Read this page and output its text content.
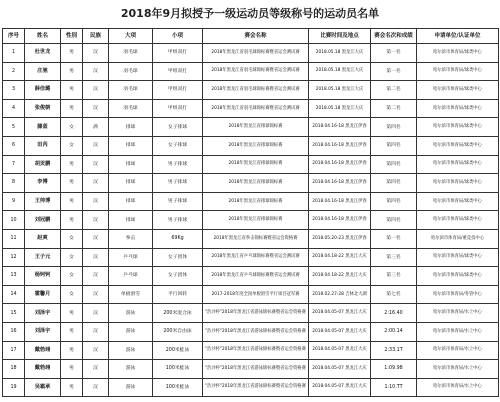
2018年9月拟授予一级运动员等级称号的运动员名单
序号	姓名	性别	民族	大项	小项	赛会名称	比赛时间及地点	赛会名次和成绩	申请单位/认证单位
1	杜世龙	男	汉	羽毛球	甲组双打	2018年黑龙江省羽毛球锦标赛暨省运会测试赛	2018.05.18 黑龙江大庆	第一名	哈尔滨市体育局/球类中心
2	庄驰	男	汉	羽毛球	甲组双打	2018年黑龙江省羽毛球锦标赛暨省运会测试赛	2018.05.18 黑龙江大庆	第一名	哈尔滨市体育局/球类中心
3	薛佳璐	男	汉	羽毛球	甲组双打	2018年黑龙江省羽毛球锦标赛暨省运会测试赛	2018.05.18 黑龙江大庆	第二名	哈尔滨市体育局/球类中心
4	张俊朝	男	汉	羽毛球	甲组双打	2018年黑龙江省羽毛球锦标赛暨省运会测试赛	2018.05.18 黑龙江大庆	第二名	哈尔滨市体育局/球类中心
5	滕蓝	女	满	排球	女子排球	2018年黑龙江省排球锦标赛	2018.04.16-18 黑龙江伊春	第四名	哈尔滨市体育局/球类中心
6	田芮	女	汉	排球	女子排球	2018年黑龙江省排球锦标赛	2018.04.16-18 黑龙江伊春	第四名	哈尔滨市体育局/球类中心
7	胡贡鹏	男	汉	排球	男子排球	2018年黑龙江省排球锦标赛	2018.04.16-18 黑龙江伊春	第四名	哈尔滨市体育局/球类中心
8	李博	男	汉	排球	男子排球	2018年黑龙江省排球锦标赛	2018.04.16-18 黑龙江伊春	第四名	哈尔滨市体育局/球类中心
9	王帅博	男	汉	排球	男子排球	2018年黑龙江省排球锦标赛	2018.04.16-18 黑龙江伊春	第四名	哈尔滨市体育局/球类中心
10	刘冠鹏	男	汉	排球	男子排球	2018年黑龙江省排球锦标赛	2018.04.16-18 黑龙江伊春	第四名	哈尔滨市体育局/球类中心
11	赵爽	女	汉	拳击	69Kg	2018年黑龙江省拳击锦标赛暨省运会资格赛	2018.05.20-23 黑龙江伊春	第一名	哈尔滨市体育局/重竞技中心
12	王子元	女	汉	乒乓球	女子团体	2018年黑龙江省乒乓球锦标赛暨省运会测试赛	2018.04.18-22 黑龙江大庆	第三名	哈尔滨市体育局/球类中心
13	杨钶钶	女	汉	乒乓球	女子团体	2018年黑龙江省乒乓球锦标赛暨省运会测试赛	2018.04.18-22 黑龙江大庆	第三名	哈尔滨市体育局/球类中心
14	霍馨月	女	汉	单板滑雪	平行回转	2017-2018年度全国单板滑雪平行项目冠军赛	2018.02.27-28 吉林北大湖	第七名	哈尔滨市体育局/冬管中心
15	刘泽宇	男	汉	游泳	200米混合泳	"浩沙杯"2018年黑龙江省游泳锦标赛暨省运会资格赛	2018.04.05-07 黑龙江大庆	2:16.40	哈尔滨市体育局/水上中心
16	刘泽宇	男	汉	游泳	200米自由泳	"浩沙杯"2018年黑龙江省游泳锦标赛暨省运会资格赛	2018.04.05-07 黑龙江大庆	2:00.14	哈尔滨市体育局/水上中心
17	戴勃翊	男	汉	游泳	200米蛙泳	"浩沙杯"2018年黑龙江省游泳锦标赛暨省运会资格赛	2018.04.05-07 黑龙江大庆	2:33.1T	哈尔滨市体育局/水上中心
18	戴勃翊	男	汉	游泳	100米蛙泳	"浩沙杯"2018年黑龙江省游泳锦标赛暨省运会资格赛	2018.04.05-07 黑龙江大庆	1:09.98	哈尔滨市体育局/水上中心
19	吴霜承	男	汉	游泳	100米蛙泳	"浩沙杯"2018年黑龙江省游泳锦标赛暨省运会资格赛	2018.04.05-07 黑龙江大庆	1:10.TT	哈尔滨市体育局/水上中心
